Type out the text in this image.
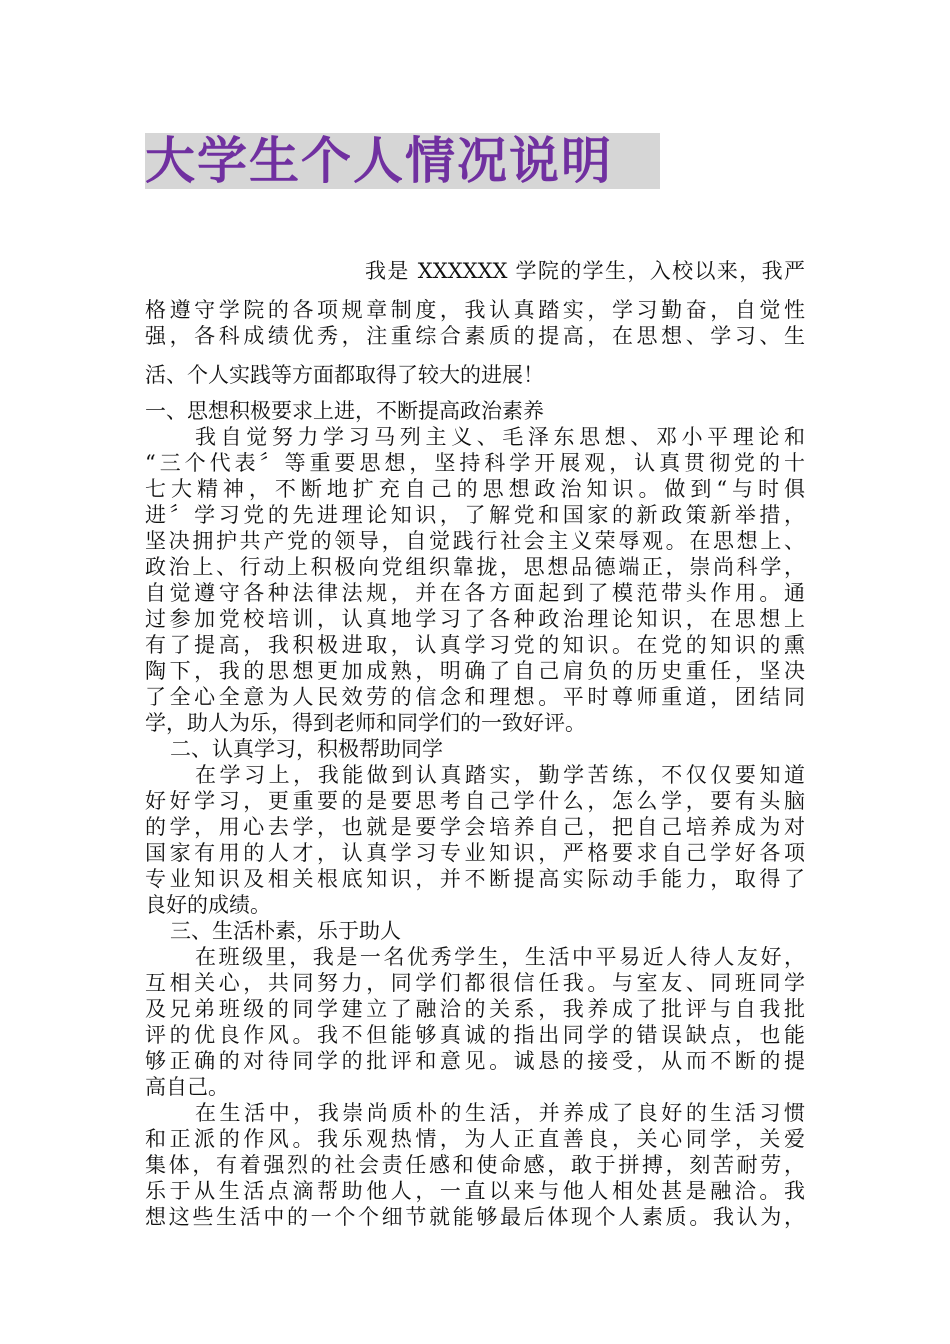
大学生个人情况说明
我是 XXXXXX 学院的学生，入校以来，我严
格遵守学院的各项规章制度，我认真踏实，学习勤奋，自觉性
强，各科成绩优秀，注重综合素质的提高，在思想、学习、生
活、个人实践等方面都取得了较大的进展！
一、思想积极要求上进，不断提高政治素养
我自觉努力学习马列主义、毛泽东思想、邓小平理论和
“三个代表〞等重要思想，坚持科学开展观，认真贯彻党的十
七大精神，不断地扩充自己的思想政治知识。做到“与时俱
进〞学习党的先进理论知识，了解党和国家的新政策新举措，
坚决拥护共产党的领导，自觉践行社会主义荣辱观。在思想上、
政治上、行动上积极向党组织靠拢，思想品德端正，崇尚科学，
自觉遵守各种法律法规，并在各方面起到了模范带头作用。通
过参加党校培训，认真地学习了各种政治理论知识，在思想上
有了提高，我积极进取，认真学习党的知识。在党的知识的熏
陶下，我的思想更加成熟，明确了自己肩负的历史重任，坚决
了全心全意为人民效劳的信念和理想。平时尊师重道，团结同
学，助人为乐，得到老师和同学们的一致好评。
二、认真学习，积极帮助同学
在学习上，我能做到认真踏实，勤学苦练，不仅仅要知道
好好学习，更重要的是要思考自己学什么，怎么学，要有头脑
的学，用心去学，也就是要学会培养自己，把自己培养成为对
国家有用的人才，认真学习专业知识，严格要求自己学好各项
专业知识及相关根底知识，并不断提高实际动手能力，取得了
良好的成绩。
三、生活朴素，乐于助人
在班级里，我是一名优秀学生，生活中平易近人待人友好，
互相关心，共同努力，同学们都很信任我。与室友、同班同学
及兄弟班级的同学建立了融洽的关系，我养成了批评与自我批
评的优良作风。我不但能够真诚的指出同学的错误缺点，也能
够正确的对待同学的批评和意见。诚恳的接受，从而不断的提
高自己。
在生活中，我崇尚质朴的生活，并养成了良好的生活习惯
和正派的作风。我乐观热情，为人正直善良，关心同学，关爱
集体，有着强烈的社会责任感和使命感，敢于拼搏，刻苦耐劳，
乐于从生活点滴帮助他人，一直以来与他人相处甚是融洽。我
想这些生活中的一个个细节就能够最后体现个人素质。我认为，
